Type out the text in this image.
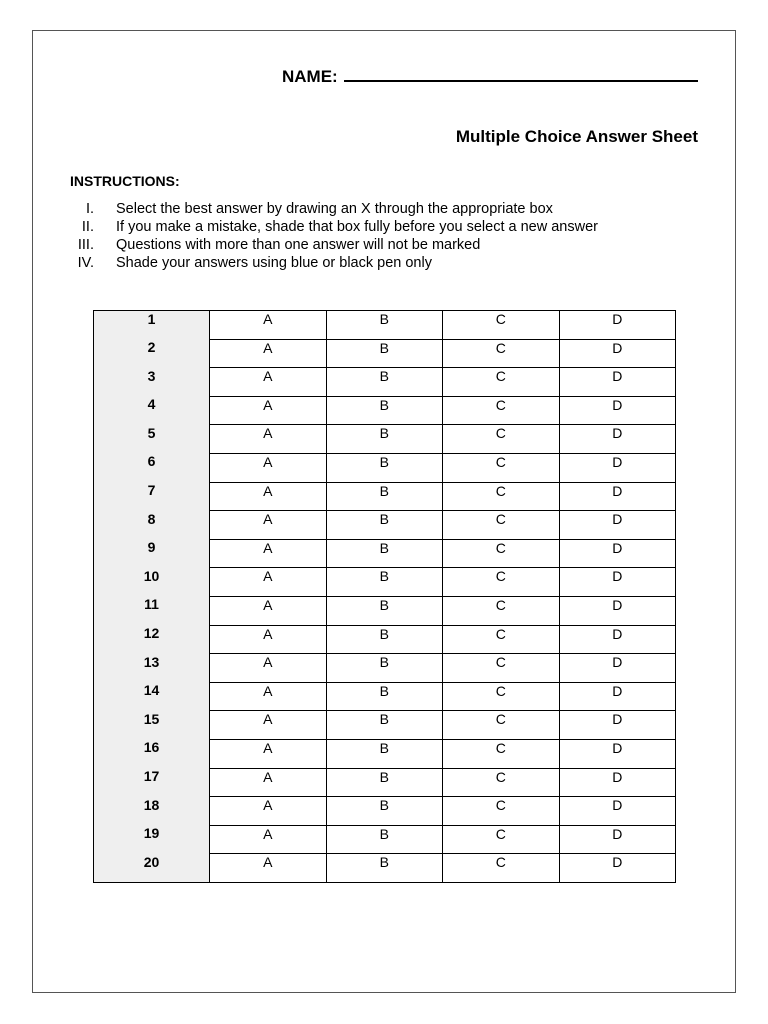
NAME:
Multiple Choice Answer Sheet
INSTRUCTIONS:
I.	Select the best answer by drawing an X through the appropriate box
II.	If you make a mistake, shade that box fully before you select a new answer
III.	Questions with more than one answer will not be marked
IV.	Shade your answers using blue or black pen only
1	A	B	C	D
2	A	B	C	D
3	A	B	C	D
4	A	B	C	D
5	A	B	C	D
6	A	B	C	D
7	A	B	C	D
8	A	B	C	D
9	A	B	C	D
10	A	B	C	D
11	A	B	C	D
12	A	B	C	D
13	A	B	C	D
14	A	B	C	D
15	A	B	C	D
16	A	B	C	D
17	A	B	C	D
18	A	B	C	D
19	A	B	C	D
20	A	B	C	D
